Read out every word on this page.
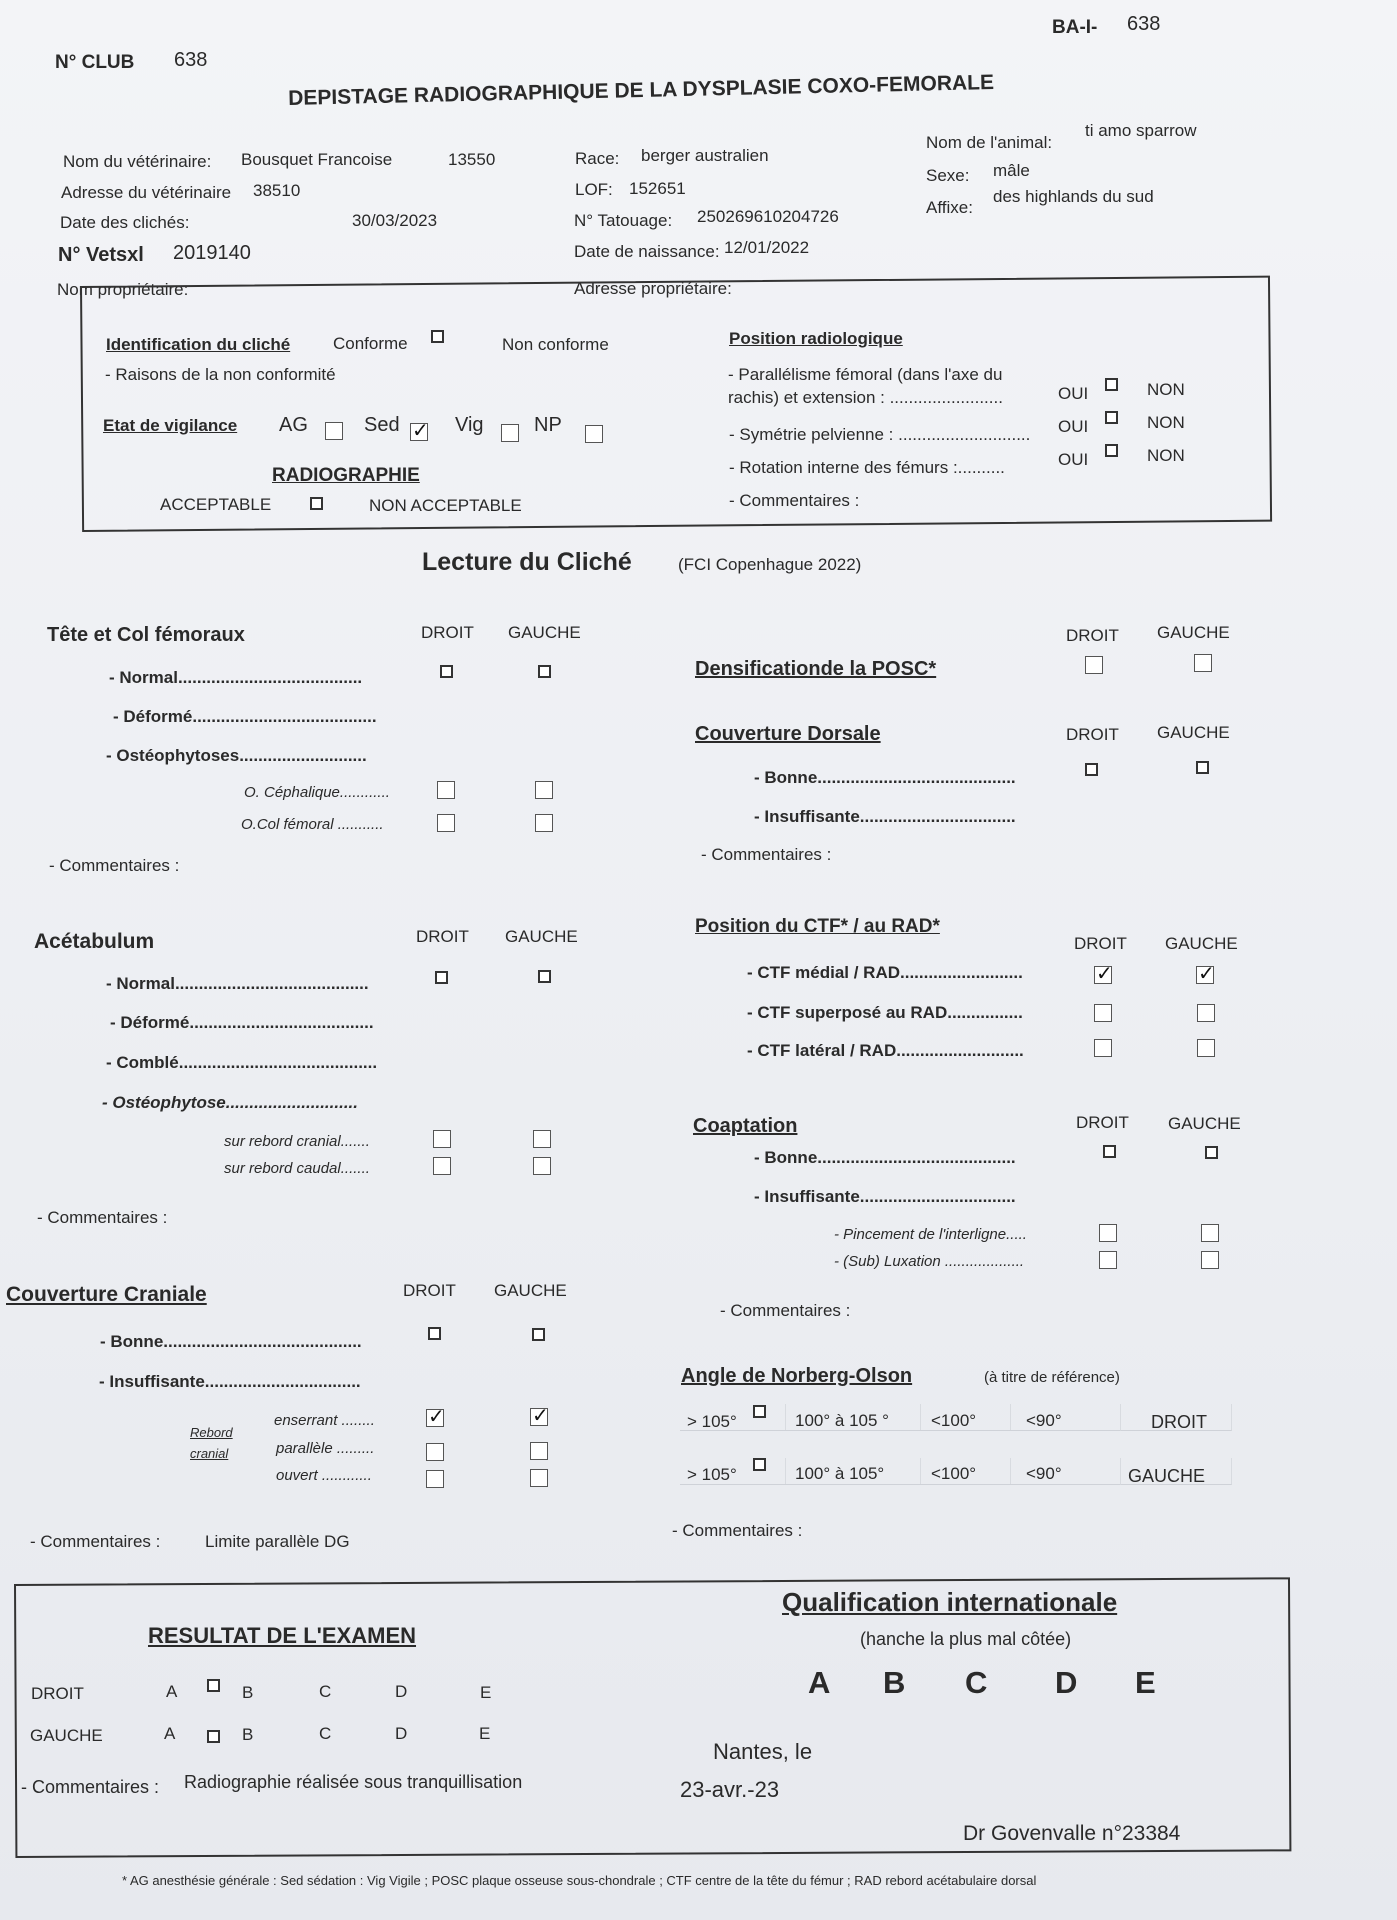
BA-I- 638
N° CLUB 638
DEPISTAGE RADIOGRAPHIQUE DE LA DYSPLASIE COXO-FEMORALE
Nom du vétérinaire: Bousquet Francoise	13550
Adresse du vétérinaire 38510
Date des clichés:	30/03/2023
N° Vetsxl 2019140
Nom propriétaire:
Race: berger australien
LOF: 152651
N° Tatouage: 250269610204726
Date de naissance: 12/01/2022
Adresse propriétaire:
Nom de l'animal:
ti amo sparrow
Sexe: mâle
Affixe:
des highlands du sud
Identification du cliché	Conforme	Non conforme
- Raisons de la non conformité
Etat de vigilance AG	Sed
✓	Vig	NP
RADIOGRAPHIE
ACCEPTABLE	NON ACCEPTABLE
Position radiologique
- Parallélisme fémoral (dans l'axe du
rachis) et extension : ........................	OUI	NON
- Symétrie pelvienne : ............................ OUI	NON
- Rotation interne des fémurs :..........	OUI	NON
- Commentaires :
Lecture du Cliché	(FCI Copenhague 2022)
Tête et Col fémoraux	DROIT GAUCHE
- Normal.......................................
- Déformé.......................................
- Ostéophytoses...........................
O. Céphalique............
O.Col fémoral ...........
- Commentaires :
Acétabulum	DROIT GAUCHE
- Normal.........................................
- Déformé.......................................
- Comblé..........................................
- Ostéophytose............................
sur rebord cranial.......
sur rebord caudal.......
- Commentaires :
Couverture Craniale	DROIT GAUCHE
- Bonne..........................................
- Insuffisante.................................
Rebord
cranial
enserrant ........
✓
✓
parallèle .........
ouvert ............
- Commentaires :	Limite parallèle DG
DROIT GAUCHE
Densificationde la POSC*
Couverture Dorsale	DROIT GAUCHE
- Bonne..........................................
- Insuffisante.................................
- Commentaires :
Position du CTF* / au RAD*
DROIT GAUCHE
- CTF médial / RAD..........................
✓
✓
- CTF superposé au RAD................
- CTF latéral / RAD...........................
Coaptation	DROIT GAUCHE
- Bonne..........................................
- Insuffisante.................................
- Pincement de l'interligne.....
- (Sub) Luxation ...................
- Commentaires :
Angle de Norberg-Olson	(à titre de référence)
> 105°	100° à 105 ° <100°	<90°	DROIT
> 105°	100° à 105°	<100°	<90°	GAUCHE
- Commentaires :
RESULTAT DE L'EXAMEN
DROIT	A	B	C	D	E
GAUCHE	A	B	C	D	E
- Commentaires : Radiographie réalisée sous tranquillisation
Qualification internationale
(hanche la plus mal côtée)
A B C D E
Nantes, le
23-avr.-23
Dr Govenvalle n°23384
* AG anesthésie générale : Sed sédation : Vig Vigile ; POSC plaque osseuse sous-chondrale ; CTF centre de la tête du fémur ; RAD rebord acétabulaire dorsal
